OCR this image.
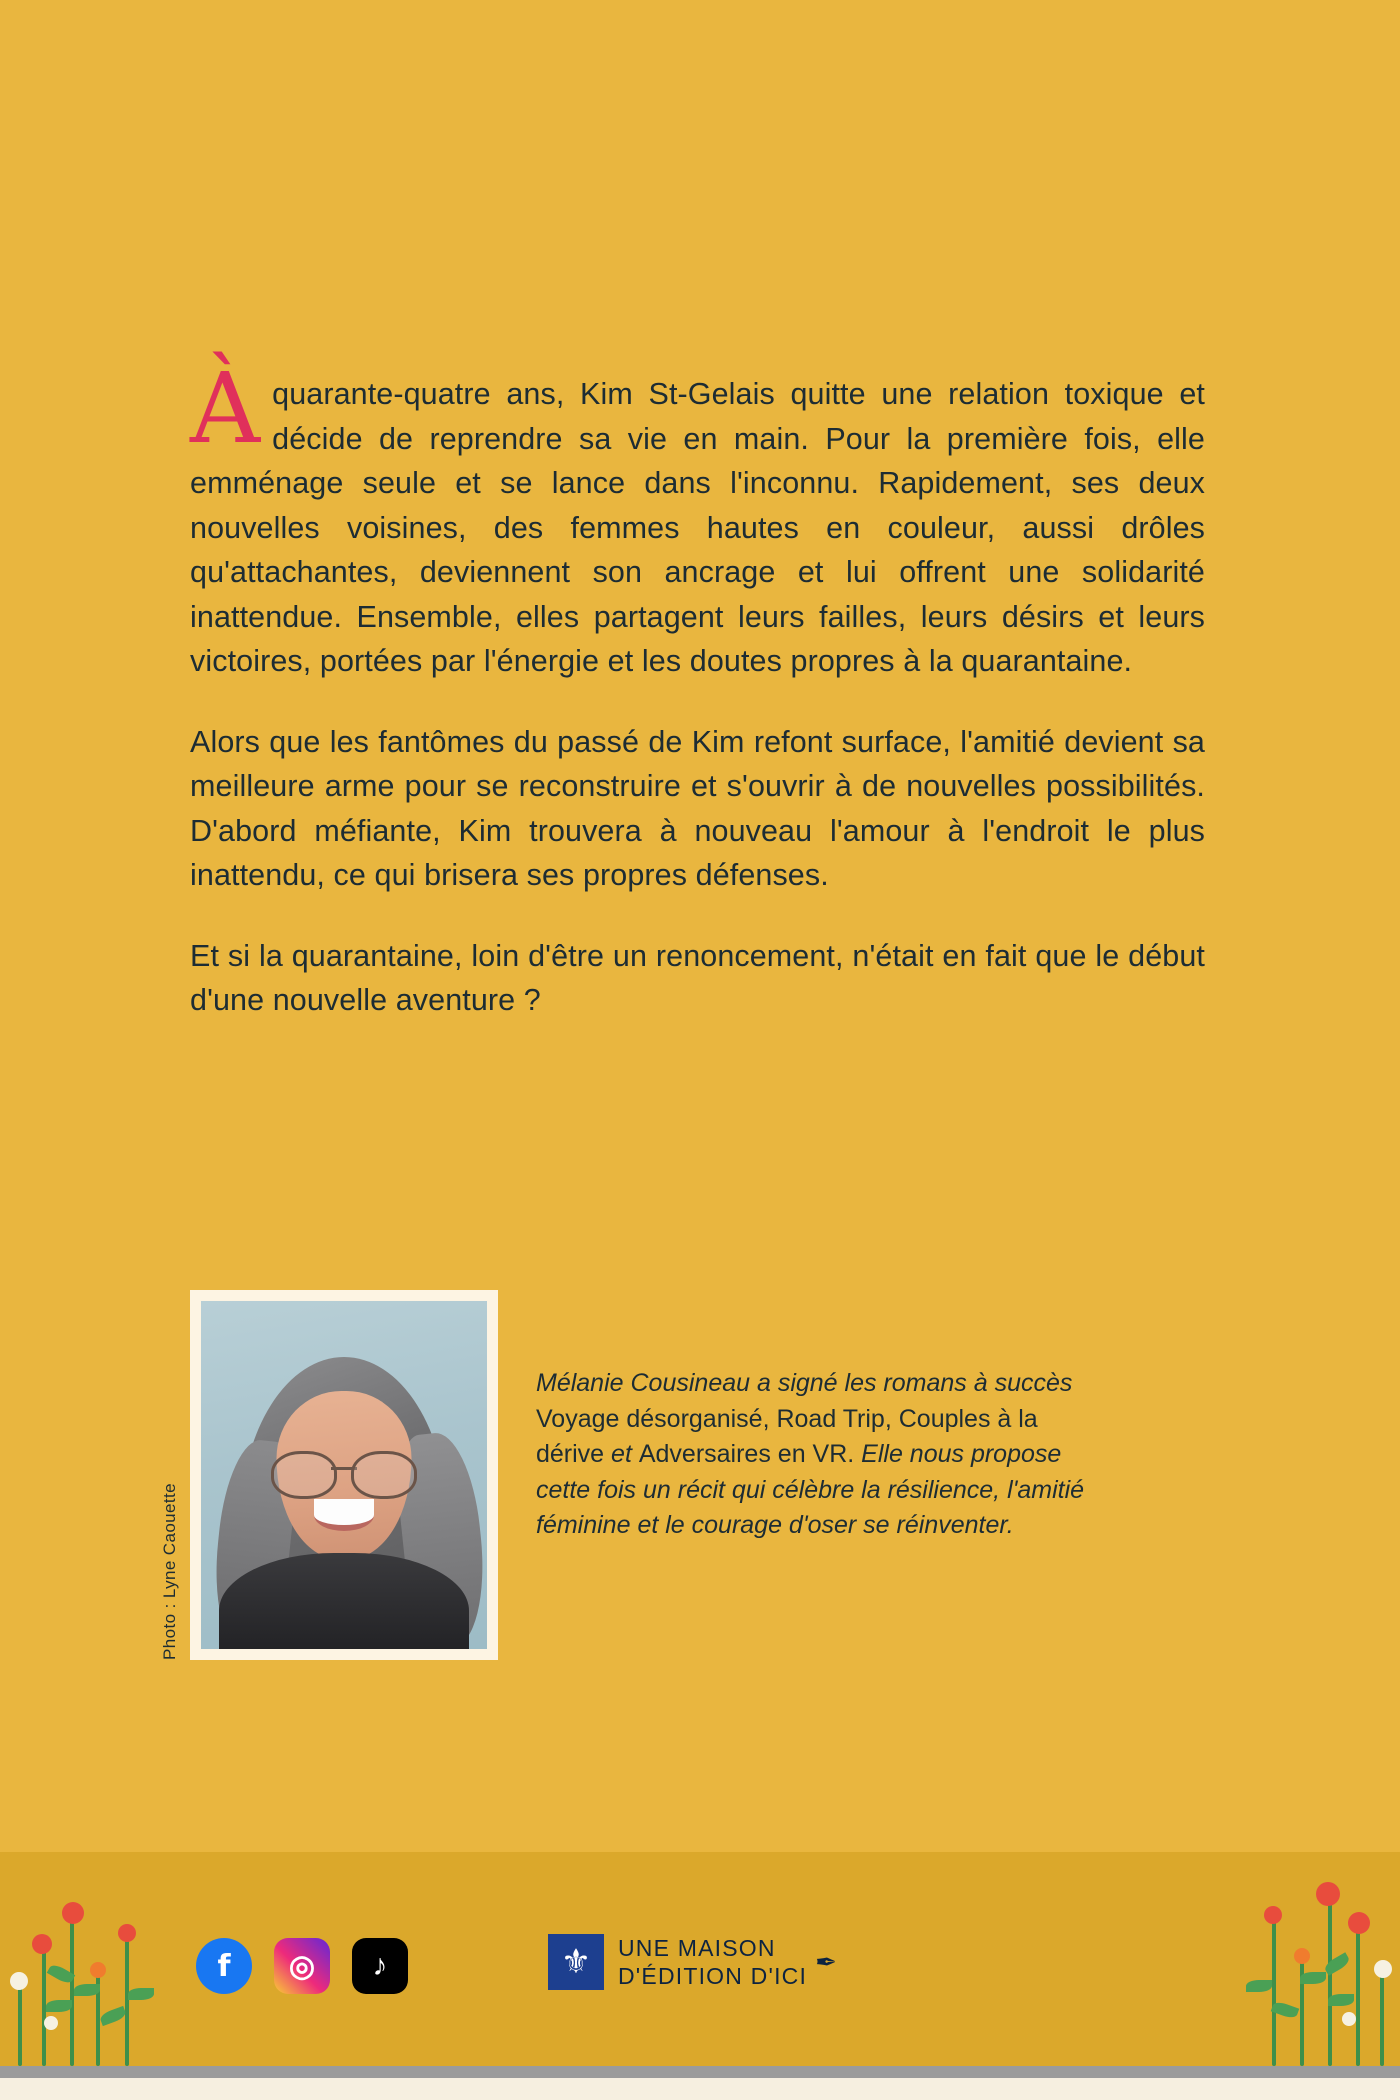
Àquarante-quatre ans, Kim St-Gelais quitte une relation toxique et décide de reprendre sa vie en main. Pour la première fois, elle emménage seule et se lance dans l'inconnu. Rapidement, ses deux nouvelles voisines, des femmes hautes en couleur, aussi drôles qu'attachantes, deviennent son ancrage et lui offrent une solidarité inattendue. Ensemble, elles partagent leurs failles, leurs désirs et leurs victoires, portées par l'énergie et les doutes propres à la quarantaine.

Alors que les fantômes du passé de Kim refont surface, l'amitié devient sa meilleure arme pour se reconstruire et s'ouvrir à de nouvelles possibilités. D'abord méfiante, Kim trouvera à nouveau l'amour à l'endroit le plus inattendu, ce qui brisera ses propres défenses.

Et si la quarantaine, loin d'être un renoncement, n'était en fait que le début d'une nouvelle aventure ?

Photo : Lyne Caouette
Mélanie Cousineau a signé les romans à succès Voyage désorganisé, Road Trip, Couples à la dérive et Adversaires en VR. Elle nous propose cette fois un récit qui célèbre la résilience, l'amitié féminine et le courage d'oser se réinventer.
f	◎	♪	⚜	UNE MAISON
D'ÉDITION D'ICI ✒
